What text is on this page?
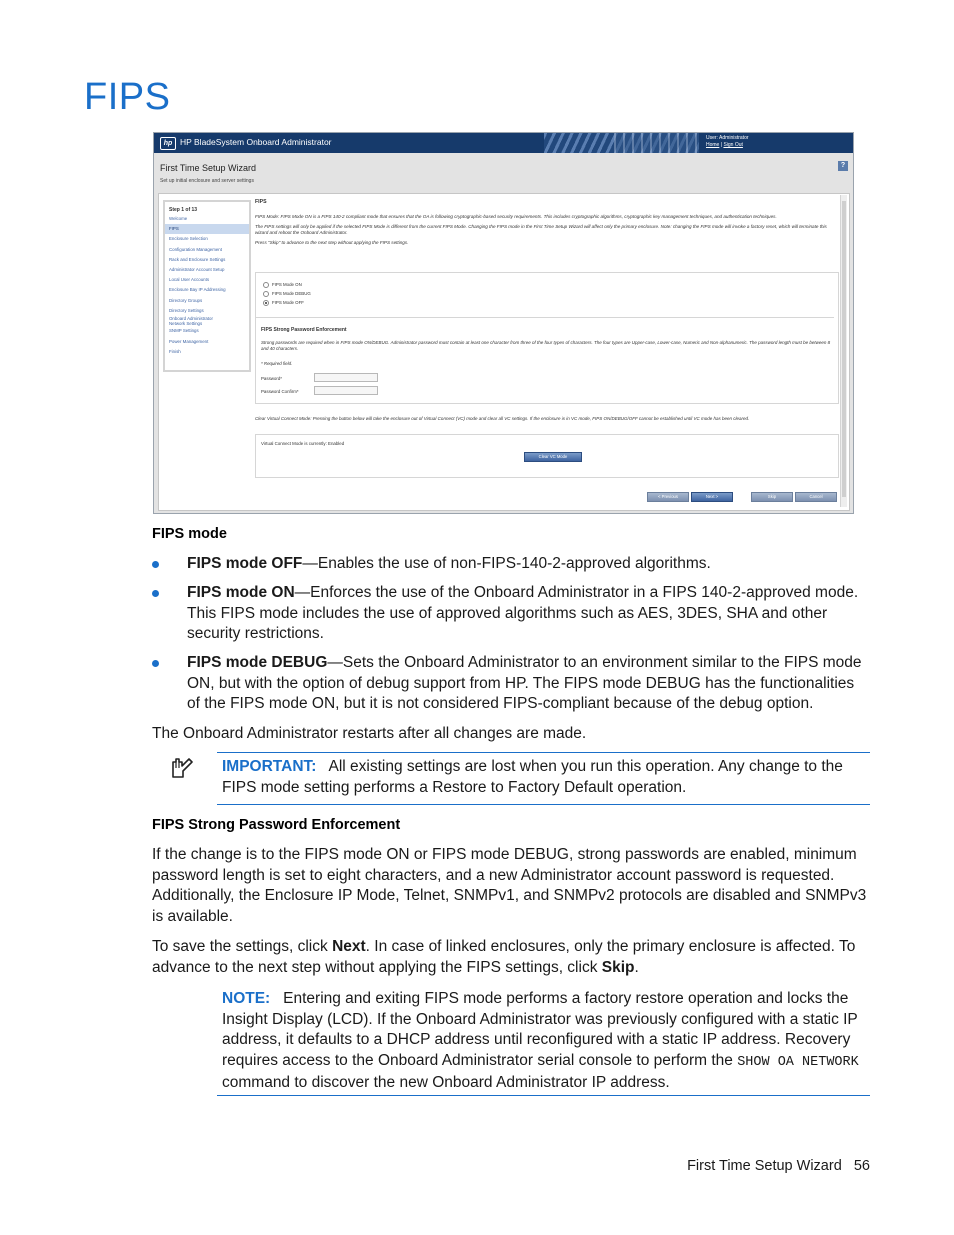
FIPS
hp HP BladeSystem Onboard Administrator	User: Administrator
Home | Sign Out
First Time Setup Wizard
Set up initial enclosure and server settings
?
Step 1 of 13
Welcome
FIPS
Enclosure Selection
Configuration Management
Rack and Enclosure Settings
Administrator Account Setup
Local User Accounts
Enclosure Bay IP Addressing
Directory Groups
Directory Settings
Onboard Administrator
Network Settings
SNMP Settings
Power Management
Finish
FIPS

FIPS Mode: FIPS Mode ON is a FIPS 140-2 compliant mode that ensures that the OA is following cryptographic-based security requirements. This includes cryptographic algorithms, cryptographic key management techniques, and authentication techniques.

The FIPS settings will only be applied if the selected FIPS Mode is different from the current FIPS Mode. Changing the FIPS mode in the First Time Setup Wizard will affect only the primary enclosure. Note: changing the FIPS mode will invoke a factory reset, which will terminate this wizard and reboot the Onboard Administrator.

Press "Skip" to advance to the next step without applying the FIPS settings.

FIPS Mode ON
FIPS Mode DEBUG
FIPS Mode OFF
FIPS Strong Password Enforcement
Strong passwords are required when in FIPS mode ON/DEBUG. Administrator password must contain at least one character from three of the four types of characters. The four types are Upper-case, Lower-case, Numeric and Non-alphanumeric. The password length must be between 8 and 40 characters.
* Required field.
Password*
Password Confirm*
Clear Virtual Connect Mode: Pressing the button below will take the enclosure out of Virtual Connect (VC) mode and clear all VC settings. If the enclosure is in VC mode, FIPS ON/DEBUG/OFF cannot be established until VC mode has been cleared.
Virtual Connect Mode is currently: Enabled
Clear VC Mode
< Previous	Next >	Skip	Cancel
FIPS mode
FIPS mode OFF—Enables the use of non-FIPS-140-2-approved algorithms.
FIPS mode ON—Enforces the use of the Onboard Administrator in a FIPS 140-2-approved mode. This FIPS mode includes the use of approved algorithms such as AES, 3DES, SHA and other security restrictions.
FIPS mode DEBUG—Sets the Onboard Administrator to an environment similar to the FIPS mode ON, but with the option of debug support from HP. The FIPS mode DEBUG has the functionalities of the FIPS mode ON, but it is not considered FIPS-compliant because of the debug option.
The Onboard Administrator restarts after all changes are made.
IMPORTANT: All existing settings are lost when you run this operation. Any change to the FIPS mode setting performs a Restore to Factory Default operation.
FIPS Strong Password Enforcement
If the change is to the FIPS mode ON or FIPS mode DEBUG, strong passwords are enabled, minimum password length is set to eight characters, and a new Administrator account password is requested. Additionally, the Enclosure IP Mode, Telnet, SNMPv1, and SNMPv2 protocols are disabled and SNMPv3 is available.
To save the settings, click Next. In case of linked enclosures, only the primary enclosure is affected. To advance to the next step without applying the FIPS settings, click Skip.
NOTE: Entering and exiting FIPS mode performs a factory restore operation and locks the Insight Display (LCD). If the Onboard Administrator was previously configured with a static IP address, it defaults to a DHCP address until reconfigured with a static IP address. Recovery requires access to the Onboard Administrator serial console to perform the SHOW OA NETWORK command to discover the new Onboard Administrator IP address.
First Time Setup Wizard 56
